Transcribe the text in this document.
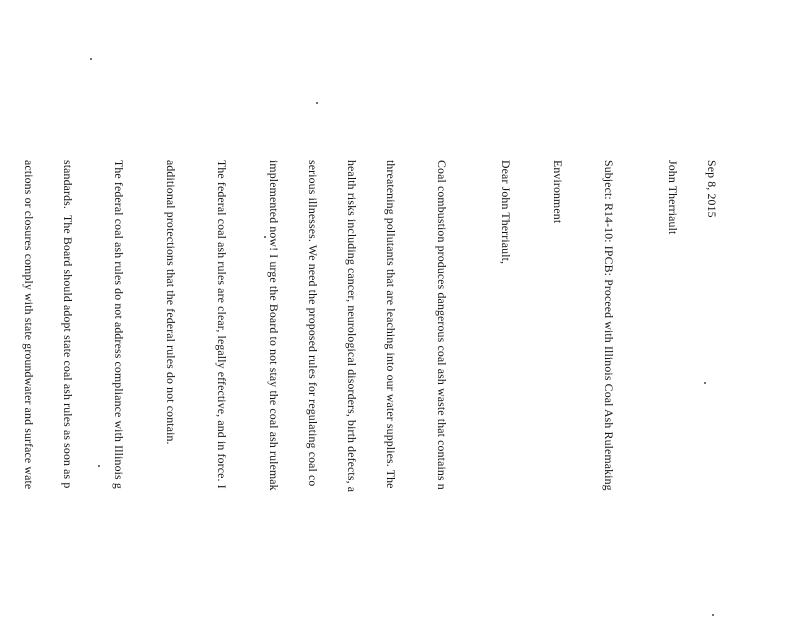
Sep 8, 2015

John Therriault

Subject: R14-10: IPCB: Proceed with Illinois Coal Ash Rulemaking

Environment

Dear John Therriault,

Coal combustion produces dangerous coal ash waste that contains n

threatening pollutants that are leaching into our water supplies. The

health risks including cancer, neurological disorders, birth defects, a

serious illnesses. We need the proposed rules for regulating coal co

implemented now! I urge the Board to not stay the coal ash rulemak

The federal coal ash rules are clear, legally effective, and in force. I

additional protections that the federal rules do not contain.

The federal coal ash rules do not address compliance with Illinois g

standards.  The Board should adopt state coal ash rules as soon as p

actions or closures comply with state groundwater and surface wate
